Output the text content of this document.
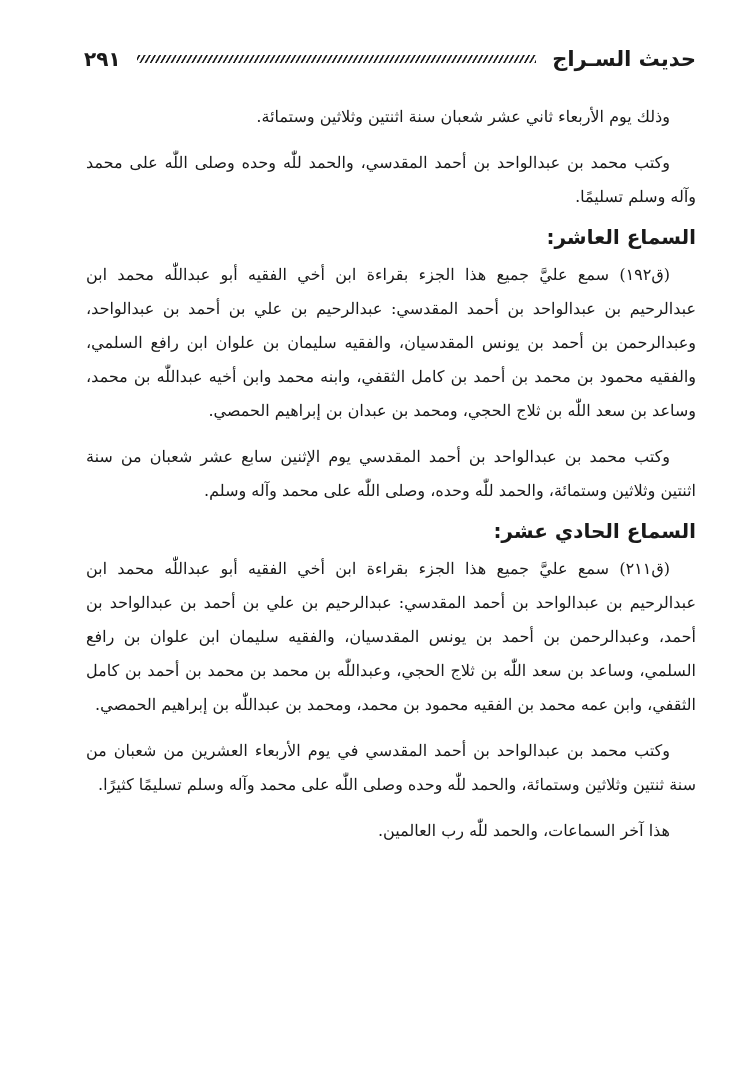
حديث السـراج
٢٩١

وذلك يوم الأربعاء ثاني عشر شعبان سنة اثنتين وثلاثين وستمائة.

وكتب محمد بن عبدالواحد بن أحمد المقدسي، والحمد للّٰه وحده وصلى اللّٰه على محمد وآله وسلم تسليمًا.

السماع العاشر:

(ق١٩٢) سمع عليَّ جميع هذا الجزء بقراءة ابن أخي الفقيه أبو عبداللّٰه محمد ابن عبدالرحيم بن عبدالواحد بن أحمد المقدسي: عبدالرحيم بن علي بن أحمد بن عبدالواحد، وعبدالرحمن بن أحمد بن يونس المقدسيان، والفقيه سليمان بن علوان ابن رافع السلمي، والفقيه محمود بن محمد بن أحمد بن كامل الثقفي، وابنه محمد وابن أخيه عبداللّٰه بن محمد، وساعد بن سعد اللّٰه بن ثلاج الحجي، ومحمد بن عبدان بن إبراهيم الحمصي.

وكتب محمد بن عبدالواحد بن أحمد المقدسي يوم الإثنين سابع عشر شعبان من سنة اثنتين وثلاثين وستمائة، والحمد للّٰه وحده، وصلى اللّٰه على محمد وآله وسلم.

السماع الحادي عشر:

(ق٢١١) سمع عليَّ جميع هذا الجزء بقراءة ابن أخي الفقيه أبو عبداللّٰه محمد ابن عبدالرحيم بن عبدالواحد بن أحمد المقدسي: عبدالرحيم بن علي بن أحمد بن عبدالواحد بن أحمد، وعبدالرحمن بن أحمد بن يونس المقدسيان، والفقيه سليمان ابن علوان بن رافع السلمي، وساعد بن سعد اللّٰه بن ثلاج الحجي، وعبداللّٰه بن محمد بن محمد بن أحمد بن كامل الثقفي، وابن عمه محمد بن الفقيه محمود بن محمد، ومحمد بن عبداللّٰه بن إبراهيم الحمصي.

وكتب محمد بن عبدالواحد بن أحمد المقدسي في يوم الأربعاء العشرين من شعبان من سنة ثنتين وثلاثين وستمائة، والحمد للّٰه وحده وصلى اللّٰه على محمد وآله وسلم تسليمًا كثيرًا.

هذا آخر السماعات، والحمد للّٰه رب العالمين.
